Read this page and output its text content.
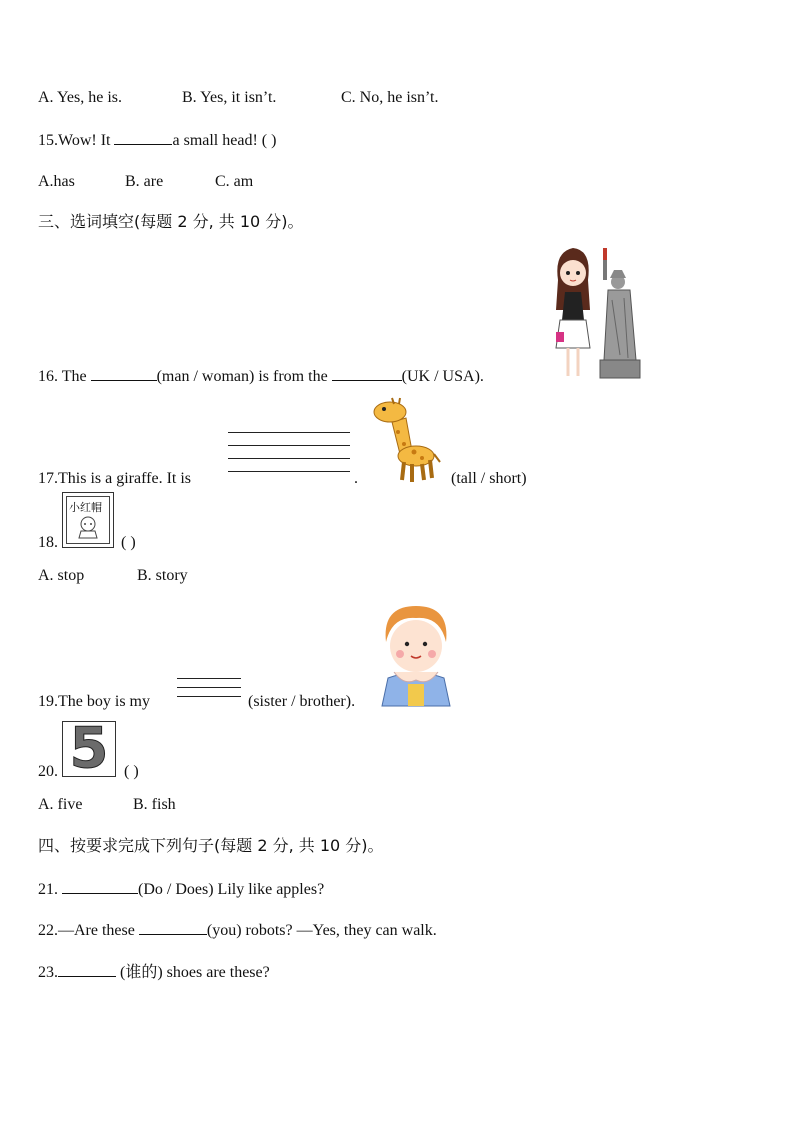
A. Yes, he is.	B. Yes, it isn’t.	C. No, he isn’t.
15.Wow! It	a small head! ( )
A.has	B. are	C. am
三、选词填空(每题 2 分, 共 10 分)。
16. The	(man / woman) is from the	(UK / USA).
17.This is a giraffe. It is	.	(tall / short)
18.
小红帽
( )
A. stop	B. story
19.The boy is my	(sister / brother).
20. 5 ( )
A. five	B. fish
四、按要求完成下列句子(每题 2 分, 共 10 分)。
21.	(Do / Does) Lily like apples?
22.—Are these	(you) robots? —Yes, they can walk.
23.	(谁的) shoes are these?
